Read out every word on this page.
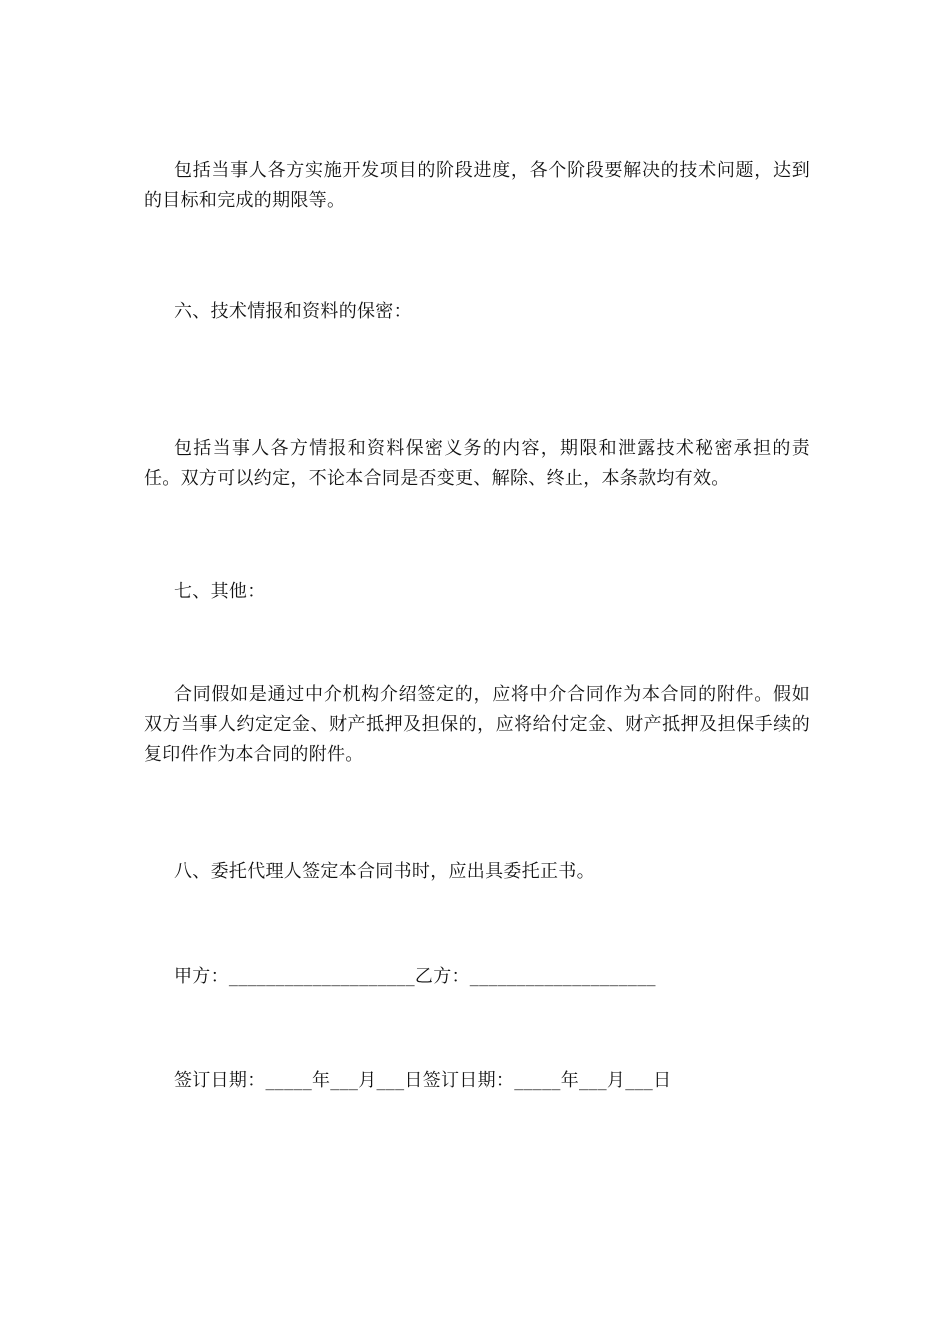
包括当事人各方实施开发项目的阶段进度，各个阶段要解决的技术问题，达到的目标和完成的期限等。

六、技术情报和资料的保密：

包括当事人各方情报和资料保密义务的内容，期限和泄露技术秘密承担的责任。双方可以约定，不论本合同是否变更、解除、终止，本条款均有效。

七、其他：

合同假如是通过中介机构介绍签定的，应将中介合同作为本合同的附件。假如双方当事人约定定金、财产抵押及担保的，应将给付定金、财产抵押及担保手续的复印件作为本合同的附件。

八、委托代理人签定本合同书时，应出具委托正书。

甲方：____________________乙方：____________________

签订日期：_____年___月___日签订日期：_____年___月___日
